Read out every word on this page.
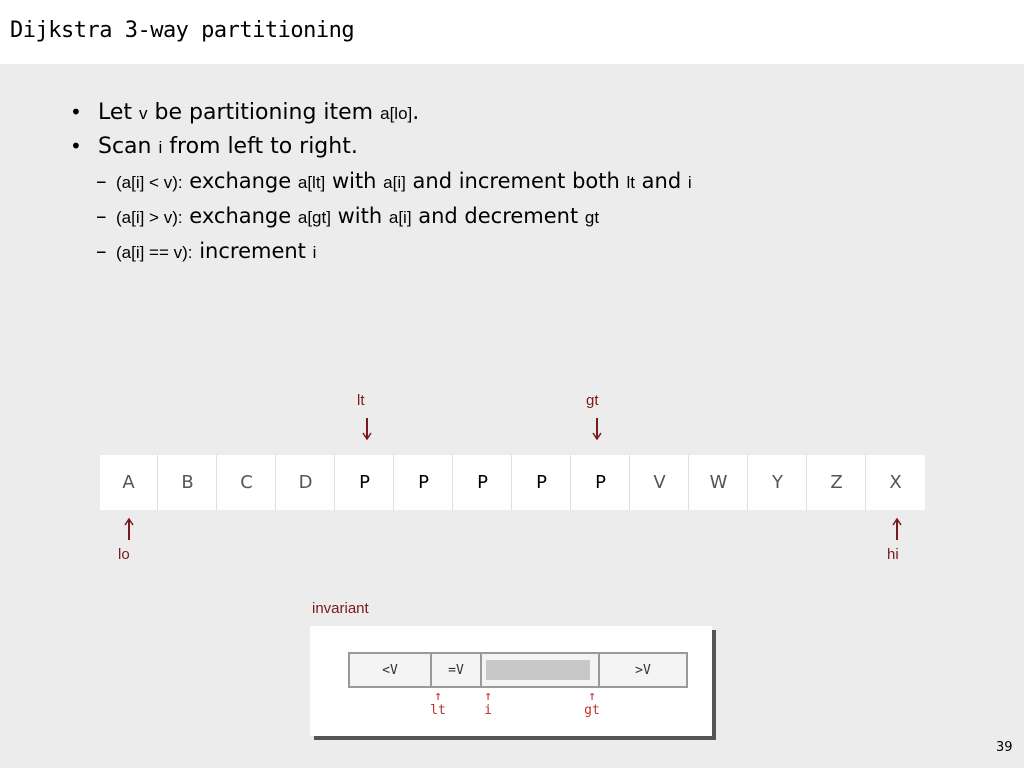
Dijkstra 3-way partitioning
• Let v be partitioning item a[lo].
• Scan i from left to right.
– (a[i] < v): exchange a[lt] with a[i] and increment both lt and i
– (a[i] > v): exchange a[gt] with a[i] and decrement gt
– (a[i] == v): increment i
lt	gt
A	B	C	D	P	P	P	P	P	V	W	Y	Z	X
lo	hi
invariant
<V	=V	>V
↑
lt
↑
i
↑
gt
39
